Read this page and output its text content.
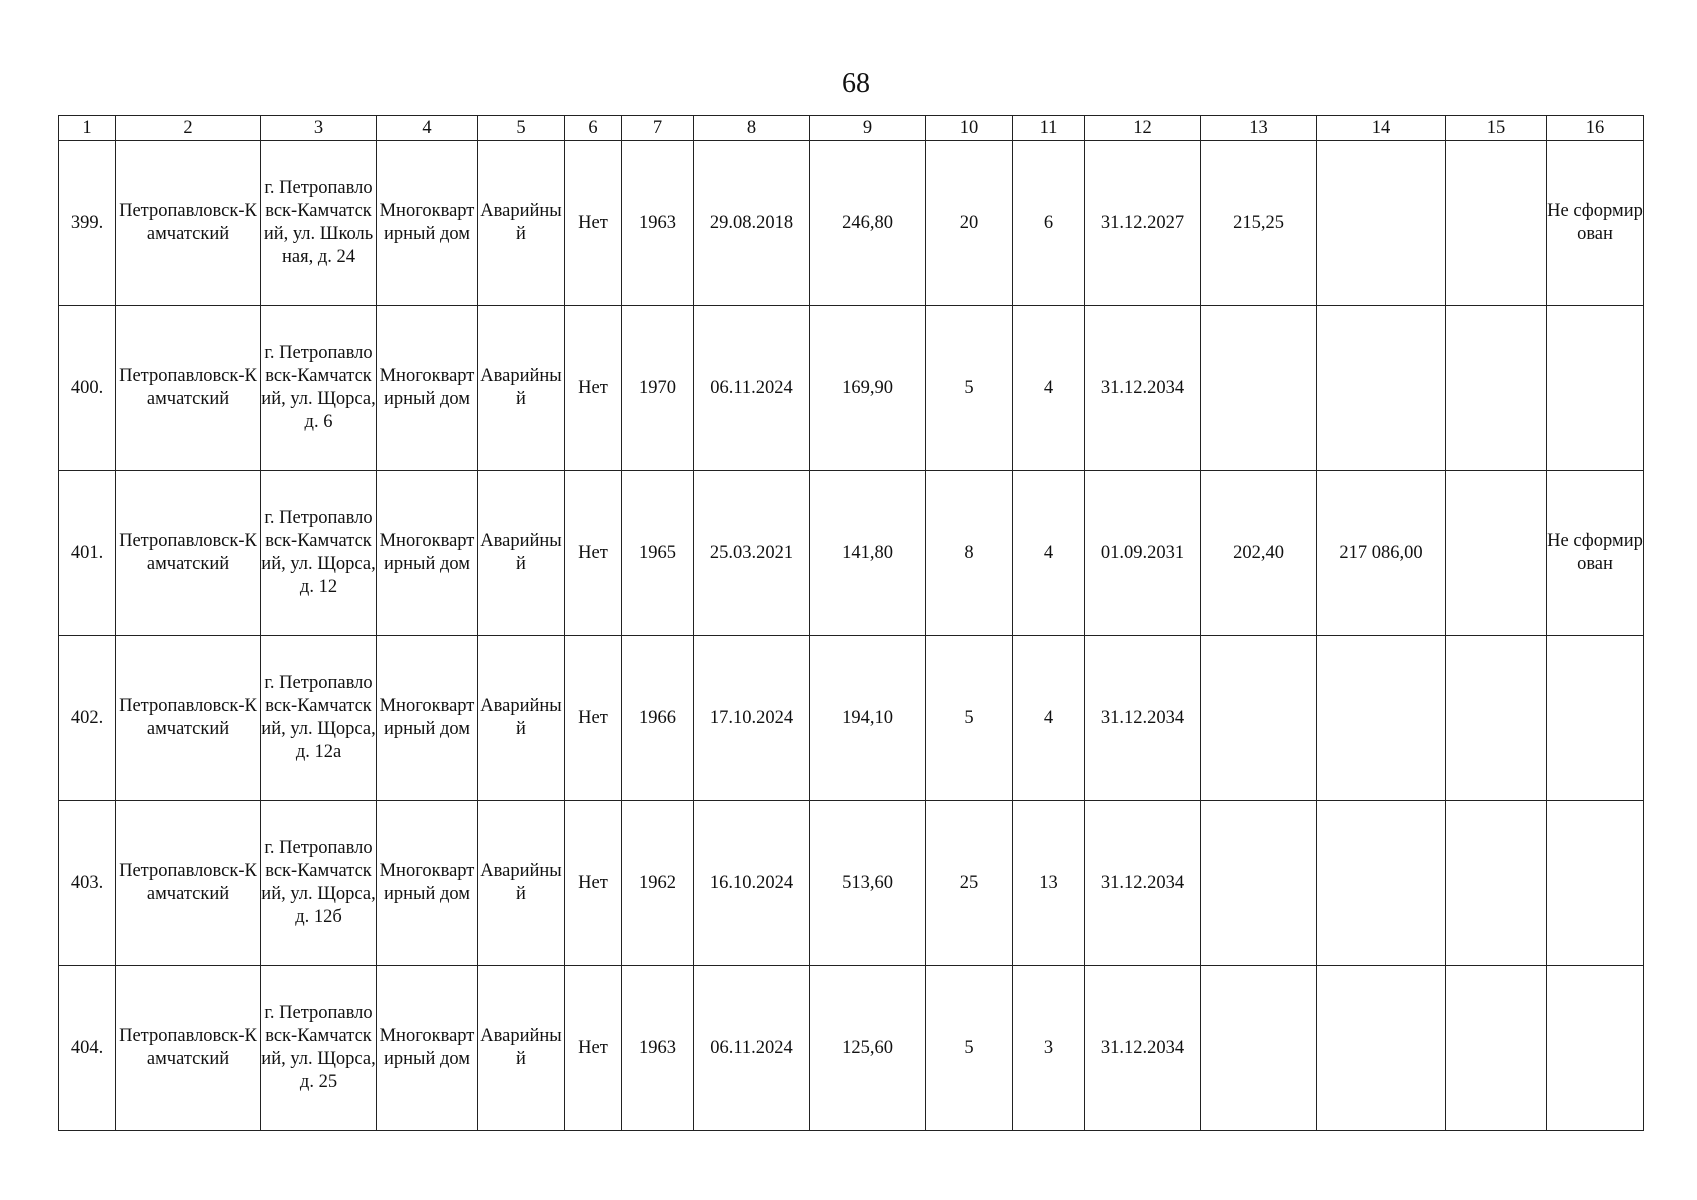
68
1	2	3	4	5	6	7	8	9	10	11	12	13	14	15	16
399.	Петропавловск-Камчатский	г. Петропавловск-Камчатский, ул. Школьная, д. 24	Многоквартирный дом	Аварийный	Нет	1963	29.08.2018	246,80	20	6	31.12.2027	215,25			Не сформирован
400.	Петропавловск-Камчатский	г. Петропавловск-Камчатский, ул. Щорса, д. 6	Многоквартирный дом	Аварийный	Нет	1970	06.11.2024	169,90	5	4	31.12.2034				
401.	Петропавловск-Камчатский	г. Петропавловск-Камчатский, ул. Щорса, д. 12	Многоквартирный дом	Аварийный	Нет	1965	25.03.2021	141,80	8	4	01.09.2031	202,40	217 086,00		Не сформирован
402.	Петропавловск-Камчатский	г. Петропавловск-Камчатский, ул. Щорса, д. 12а	Многоквартирный дом	Аварийный	Нет	1966	17.10.2024	194,10	5	4	31.12.2034				
403.	Петропавловск-Камчатский	г. Петропавловск-Камчатский, ул. Щорса, д. 12б	Многоквартирный дом	Аварийный	Нет	1962	16.10.2024	513,60	25	13	31.12.2034				
404.	Петропавловск-Камчатский	г. Петропавловск-Камчатский, ул. Щорса, д. 25	Многоквартирный дом	Аварийный	Нет	1963	06.11.2024	125,60	5	3	31.12.2034				
